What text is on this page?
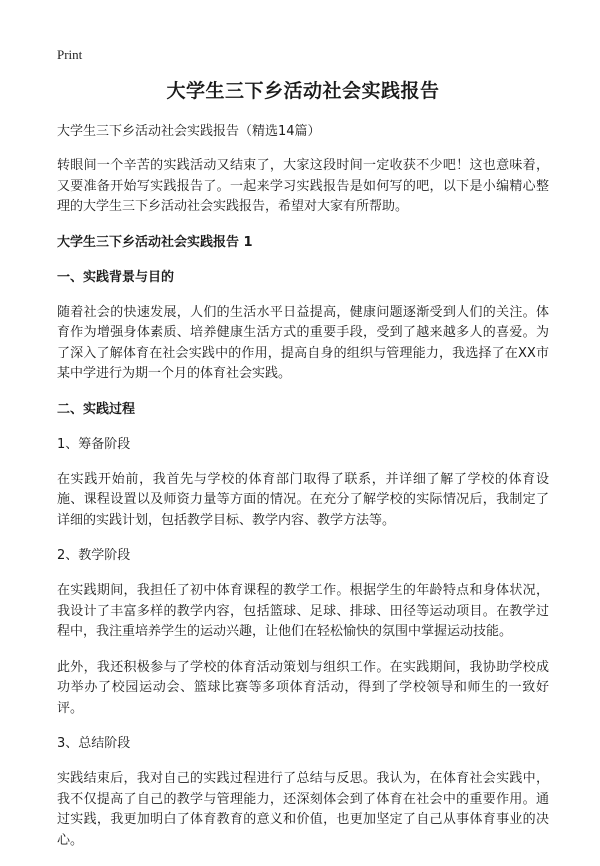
Print
大学生三下乡活动社会实践报告
大学生三下乡活动社会实践报告（精选14篇）

转眼间一个辛苦的实践活动又结束了，大家这段时间一定收获不少吧！这也意味着，又要准备开始写实践报告了。一起来学习实践报告是如何写的吧，以下是小编精心整理的大学生三下乡活动社会实践报告，希望对大家有所帮助。

大学生三下乡活动社会实践报告 1
一、实践背景与目的

随着社会的快速发展，人们的生活水平日益提高，健康问题逐渐受到人们的关注。体育作为增强身体素质、培养健康生活方式的重要手段，受到了越来越多人的喜爱。为了深入了解体育在社会实践中的作用，提高自身的组织与管理能力，我选择了在XX市某中学进行为期一个月的体育社会实践。

二、实践过程
1、筹备阶段

在实践开始前，我首先与学校的体育部门取得了联系，并详细了解了学校的体育设施、课程设置以及师资力量等方面的情况。在充分了解学校的实际情况后，我制定了详细的实践计划，包括教学目标、教学内容、教学方法等。

2、教学阶段

在实践期间，我担任了初中体育课程的教学工作。根据学生的年龄特点和身体状况，我设计了丰富多样的教学内容，包括篮球、足球、排球、田径等运动项目。在教学过程中，我注重培养学生的运动兴趣，让他们在轻松愉快的氛围中掌握运动技能。

此外，我还积极参与了学校的体育活动策划与组织工作。在实践期间，我协助学校成功举办了校园运动会、篮球比赛等多项体育活动，得到了学校领导和师生的一致好评。

3、总结阶段

实践结束后，我对自己的实践过程进行了总结与反思。我认为，在体育社会实践中，我不仅提高了自己的教学与管理能力，还深刻体会到了体育在社会中的重要作用。通过实践，我更加明白了体育教育的意义和价值，也更加坚定了自己从事体育事业的决心。
